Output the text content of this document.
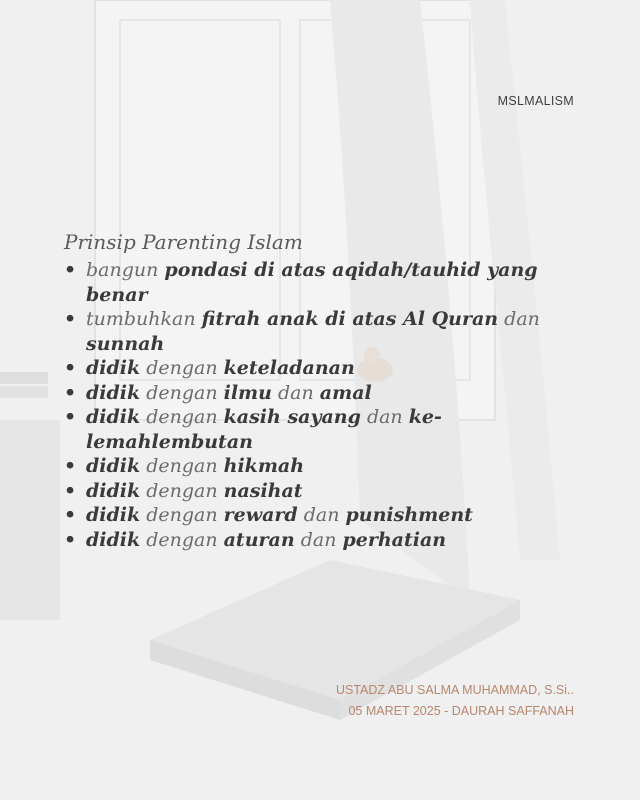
MSLMALISM
Prinsip Parenting Islam
• bangun pondasi di atas aqidah/tauhid yang benar
• tumbuhkan fitrah anak di atas Al Quran dan sunnah
• didik dengan keteladanan
• didik dengan ilmu dan amal
• didik dengan kasih sayang dan ke-lemahlembutan
• didik dengan hikmah
• didik dengan nasihat
• didik dengan reward dan punishment
• didik dengan aturan dan perhatian
USTADZ ABU SALMA MUHAMMAD, S.Si..
05 MARET 2025 - DAURAH SAFFANAH
